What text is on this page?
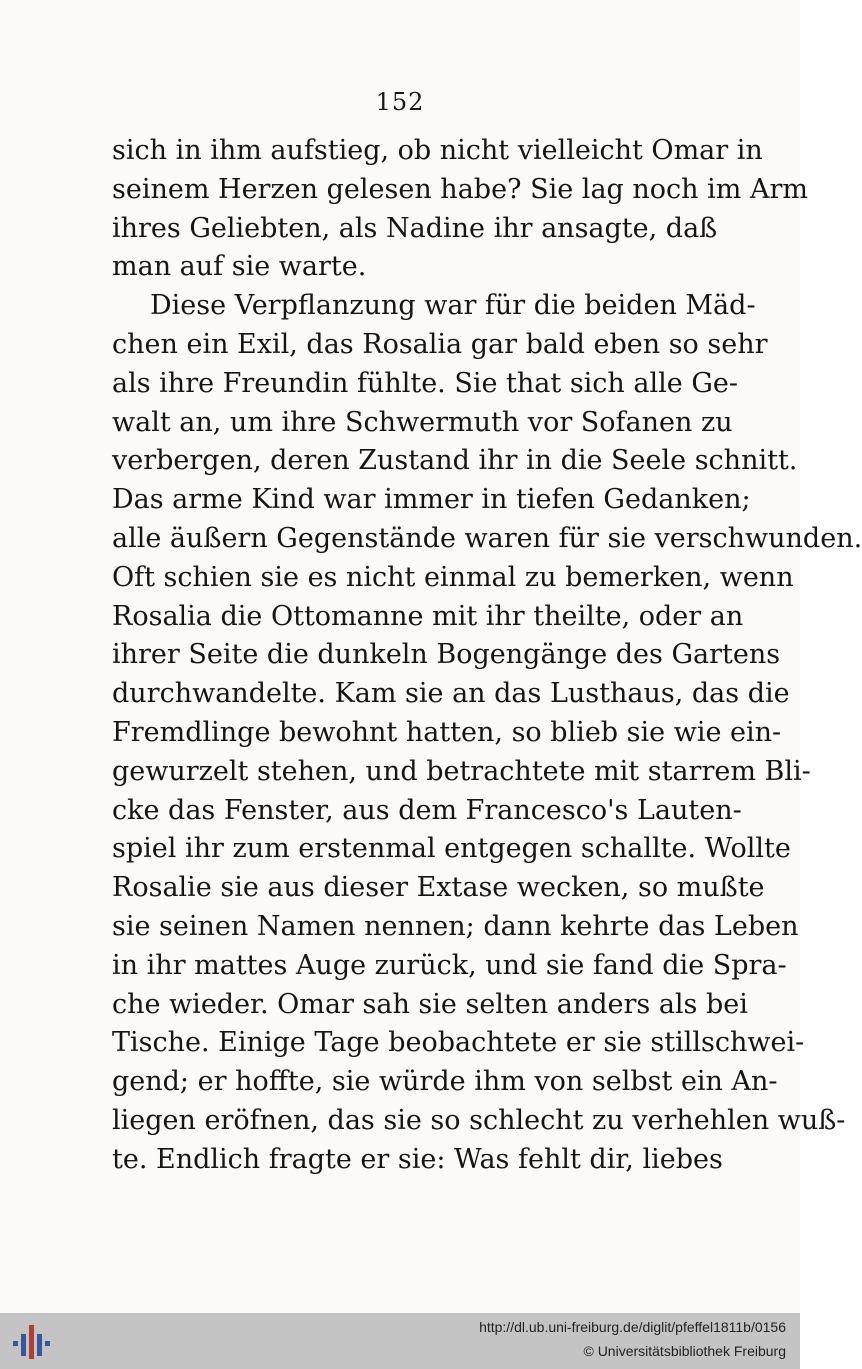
152
sich in ihm aufstieg, ob nicht vielleicht Omar in
seinem Herzen gelesen habe? Sie lag noch im Arm
ihres Geliebten, als Nadine ihr ansagte, daß
man auf sie warte.
Diese Verpflanzung war für die beiden Mäd-
chen ein Exil, das Rosalia gar bald eben so sehr
als ihre Freundin fühlte. Sie that sich alle Ge-
walt an, um ihre Schwermuth vor Sofanen zu
verbergen, deren Zustand ihr in die Seele schnitt.
Das arme Kind war immer in tiefen Gedanken;
alle äußern Gegenstände waren für sie verschwunden.
Oft schien sie es nicht einmal zu bemerken, wenn
Rosalia die Ottomanne mit ihr theilte, oder an
ihrer Seite die dunkeln Bogengänge des Gartens
durchwandelte. Kam sie an das Lusthaus, das die
Fremdlinge bewohnt hatten, so blieb sie wie ein-
gewurzelt stehen, und betrachtete mit starrem Bli-
cke das Fenster, aus dem Francesco's Lauten-
spiel ihr zum erstenmal entgegen schallte. Wollte
Rosalie sie aus dieser Extase wecken, so mußte
sie seinen Namen nennen; dann kehrte das Leben
in ihr mattes Auge zurück, und sie fand die Spra-
che wieder. Omar sah sie selten anders als bei
Tische. Einige Tage beobachtete er sie stillschwei-
gend; er hoffte, sie würde ihm von selbst ein An-
liegen eröfnen, das sie so schlecht zu verhehlen wuß-
te. Endlich fragte er sie: Was fehlt dir, liebes
http://dl.ub.uni-freiburg.de/diglit/pfeffel1811b/0156
© Universitätsbibliothek Freiburg
